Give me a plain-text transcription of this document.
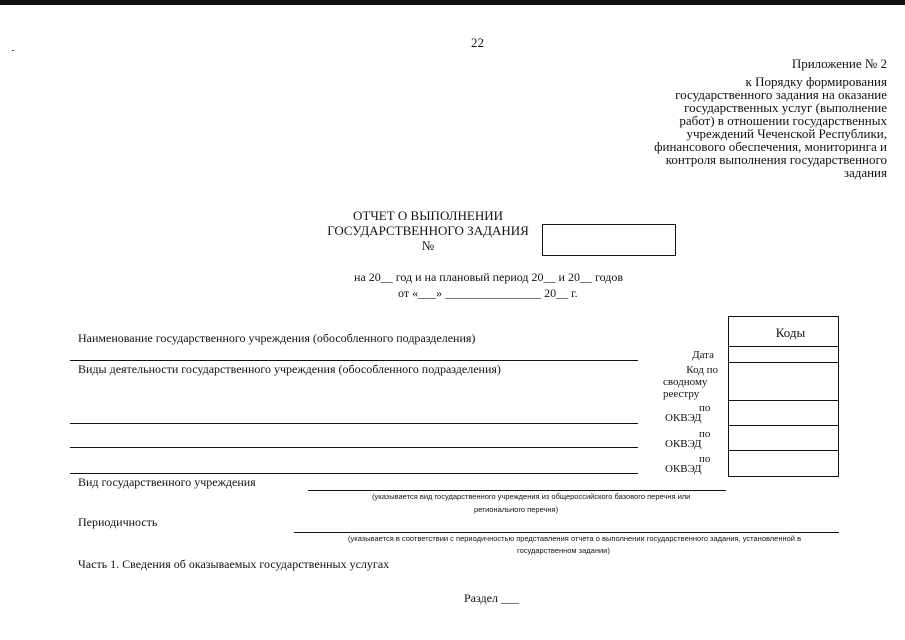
22
Приложение № 2
к Порядку формирования
государственного задания на оказание
государственных услуг (выполнение
работ) в отношении государственных
учреждений Чеченской Республики,
финансового обеспечения, мониторинга и
контроля выполнения государственного
задания
ОТЧЕТ О ВЫПОЛНЕНИИ
ГОСУДАРСТВЕННОГО ЗАДАНИЯ
№
на 20__ год и на плановый период 20__ и 20__ годов
от «___» ________________ 20__ г.
Коды
Дата
Код по
сводному
реестру
по
ОКВЭД
по
ОКВЭД
по
ОКВЭД
Наименование государственного учреждения (обособленного подразделения)
Виды деятельности государственного учреждения (обособленного подразделения)
Вид государственного учреждения
(указывается вид государственного учреждения из общероссийского базового перечня или
регионального перечня)
Периодичность
(указывается в соответствии с периодичностью представления отчета о выполнении государственного задания, установленной в
государственном задании)
Часть 1. Сведения об оказываемых государственных услугах
Раздел ___
